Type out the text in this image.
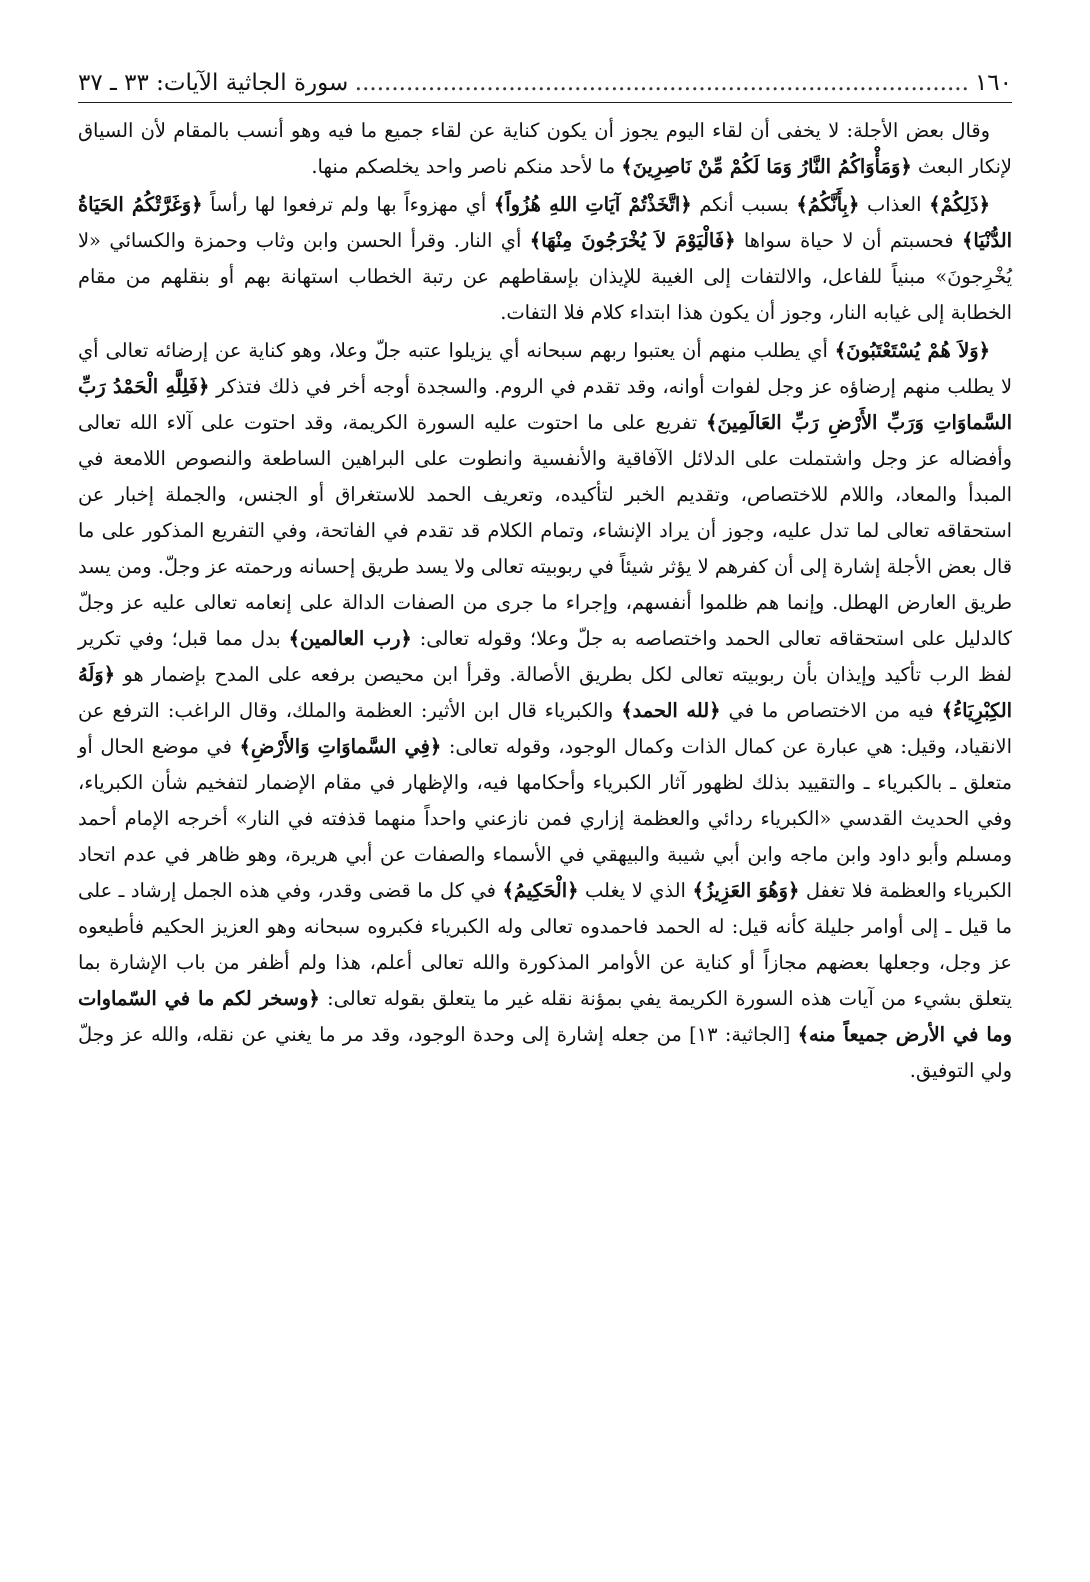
١٦٠
.....
سورة الجاثية الآيات: ٣٣ ـ ٣٧

وقال بعض الأجلة: لا يخفى أن لقاء اليوم يجوز أن يكون كناية عن لقاء جميع ما فيه وهو أنسب بالمقام لأن السياق لإنكار البعث ﴿وَمَأْوَاكُمُ النَّارُ وَمَا لَكُمْ مِّنْ نَاصِرِينَ﴾ ما لأحد منكم ناصر واحد يخلصكم منها.

﴿ذَلِكُمْ﴾ العذاب ﴿بِأَنَّكُمُ﴾ بسبب أنكم ﴿اتَّخَذْتُمْ آيَاتِ اللهِ هُزُواً﴾ أي مهزوءاً بها ولم ترفعوا لها رأساً ﴿وَغَرَّتْكُمُ الحَيَاةُ الدُّنْيَا﴾ فحسبتم أن لا حياة سواها ﴿فَالْيَوْمَ لاَ يُخْرَجُونَ مِنْهَا﴾ أي النار. وقرأ الحسن وابن وثاب وحمزة والكسائي «لا يُخْرِجونَ» مبنياً للفاعل، والالتفات إلى الغيبة للإيذان بإسقاطهم عن رتبة الخطاب استهانة بهم أو بنقلهم من مقام الخطابة إلى غيابه النار، وجوز أن يكون هذا ابتداء كلام فلا التفات.

﴿وَلاَ هُمْ يُسْتَعْتَبُونَ﴾ أي يطلب منهم أن يعتبوا ربهم سبحانه أي يزيلوا عتبه جلّ وعلا، وهو كناية عن إرضائه تعالى أي لا يطلب منهم إرضاؤه عز وجل لفوات أوانه، وقد تقدم في الروم. والسجدة أوجه أخر في ذلك فتذكر ﴿فَلِلَّهِ الْحَمْدُ رَبِّ السَّماوَاتِ وَرَبِّ الأَرْضِ رَبِّ العَالَمِينَ﴾ تفريع على ما احتوت عليه السورة الكريمة، وقد احتوت على آلاء الله تعالى وأفضاله عز وجل واشتملت على الدلائل الآفاقية والأنفسية وانطوت على البراهين الساطعة والنصوص اللامعة في المبدأ والمعاد، واللام للاختصاص، وتقديم الخبر لتأكيده، وتعريف الحمد للاستغراق أو الجنس، والجملة إخبار عن استحقاقه تعالى لما تدل عليه، وجوز أن يراد الإنشاء، وتمام الكلام قد تقدم في الفاتحة، وفي التفريع المذكور على ما قال بعض الأجلة إشارة إلى أن كفرهم لا يؤثر شيئاً في ربوبيته تعالى ولا يسد طريق إحسانه ورحمته عز وجلّ. ومن يسد طريق العارض الهطل. وإنما هم ظلموا أنفسهم، وإجراء ما جرى من الصفات الدالة على إنعامه تعالى عليه عز وجلّ كالدليل على استحقاقه تعالى الحمد واختصاصه به جلّ وعلا؛ وقوله تعالى: ﴿رب العالمين﴾ بدل مما قبل؛ وفي تكرير لفظ الرب تأكيد وإيذان بأن ربوبيته تعالى لكل بطريق الأصالة. وقرأ ابن محيصن برفعه على المدح بإضمار هو ﴿وَلَهُ الكِبْرِيَاءُ﴾ فيه من الاختصاص ما في ﴿لله الحمد﴾ والكبرياء قال ابن الأثير: العظمة والملك، وقال الراغب: الترفع عن الانقياد، وقيل: هي عبارة عن كمال الذات وكمال الوجود، وقوله تعالى: ﴿فِي السَّماوَاتِ وَالأَرْضِ﴾ في موضع الحال أو متعلق ـ بالكبرياء ـ والتقييد بذلك لظهور آثار الكبرياء وأحكامها فيه، والإظهار في مقام الإضمار لتفخيم شأن الكبرياء، وفي الحديث القدسي «الكبرياء ردائي والعظمة إزاري فمن نازعني واحداً منهما قذفته في النار» أخرجه الإمام أحمد ومسلم وأبو داود وابن ماجه وابن أبي شيبة والبيهقي في الأسماء والصفات عن أبي هريرة، وهو ظاهر في عدم اتحاد الكبرياء والعظمة فلا تغفل ﴿وَهُوَ العَزِيزُ﴾ الذي لا يغلب ﴿الْحَكِيمُ﴾ في كل ما قضى وقدر، وفي هذه الجمل إرشاد ـ على ما قيل ـ إلى أوامر جليلة كأنه قيل: له الحمد فاحمدوه تعالى وله الكبرياء فكبروه سبحانه وهو العزيز الحكيم فأطيعوه عز وجل، وجعلها بعضهم مجازاً أو كناية عن الأوامر المذكورة والله تعالى أعلم، هذا ولم أظفر من باب الإشارة بما يتعلق بشيء من آيات هذه السورة الكريمة يفي بمؤنة نقله غير ما يتعلق بقوله تعالى: ﴿وسخر لكم ما في السّماوات وما في الأرض جميعاً منه﴾ [الجاثية: ١٣] من جعله إشارة إلى وحدة الوجود، وقد مر ما يغني عن نقله، والله عز وجلّ ولي التوفيق.
